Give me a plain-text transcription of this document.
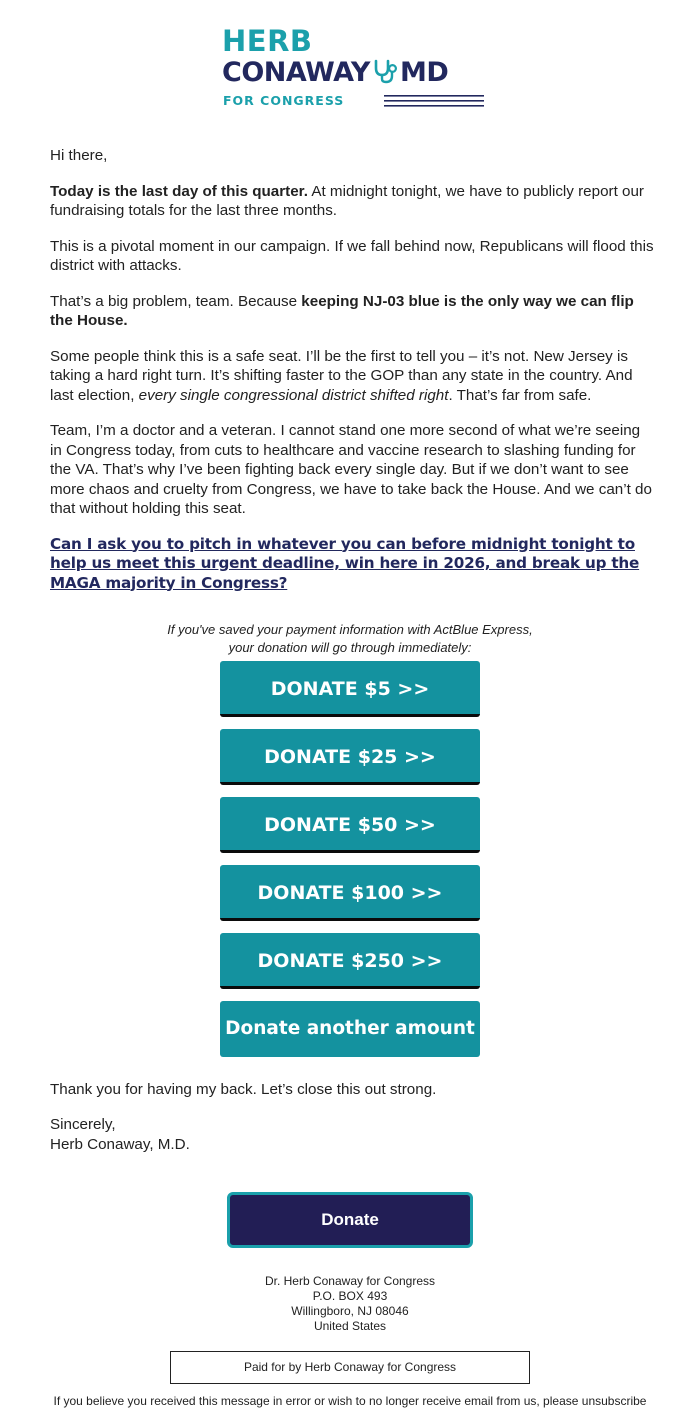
HERB
CONAWAY MD
FOR CONGRESS

Hi there,

Today is the last day of this quarter. At midnight tonight, we have to publicly report our fundraising totals for the last three months.

This is a pivotal moment in our campaign. If we fall behind now, Republicans will flood this district with attacks.

That’s a big problem, team. Because keeping NJ-03 blue is the only way we can flip the House.

Some people think this is a safe seat. I’ll be the first to tell you – it’s not. New Jersey is taking a hard right turn. It’s shifting faster to the GOP than any state in the country. And last election, every single congressional district shifted right. That’s far from safe.

Team, I’m a doctor and a veteran. I cannot stand one more second of what we’re seeing in Congress today, from cuts to healthcare and vaccine research to slashing funding for the VA. That’s why I’ve been fighting back every single day. But if we don’t want to see more chaos and cruelty from Congress, we have to take back the House. And we can’t do that without holding this seat.

Can I ask you to pitch in whatever you can before midnight tonight to help us meet this urgent deadline, win here in 2026, and break up the MAGA majority in Congress?
If you've saved your payment information with ActBlue Express,
your donation will go through immediately:
DONATE $5 >>
DONATE $25 >>
DONATE $50 >>
DONATE $100 >>
DONATE $250 >>
Donate another amount
Thank you for having my back. Let’s close this out strong.
Sincerely,
Herb Conaway, M.D.
Donate
Dr. Herb Conaway for Congress
P.O. BOX 493
Willingboro, NJ 08046
United States
Paid for by Herb Conaway for Congress
If you believe you received this message in error or wish to no longer receive email from us, please unsubscribe
